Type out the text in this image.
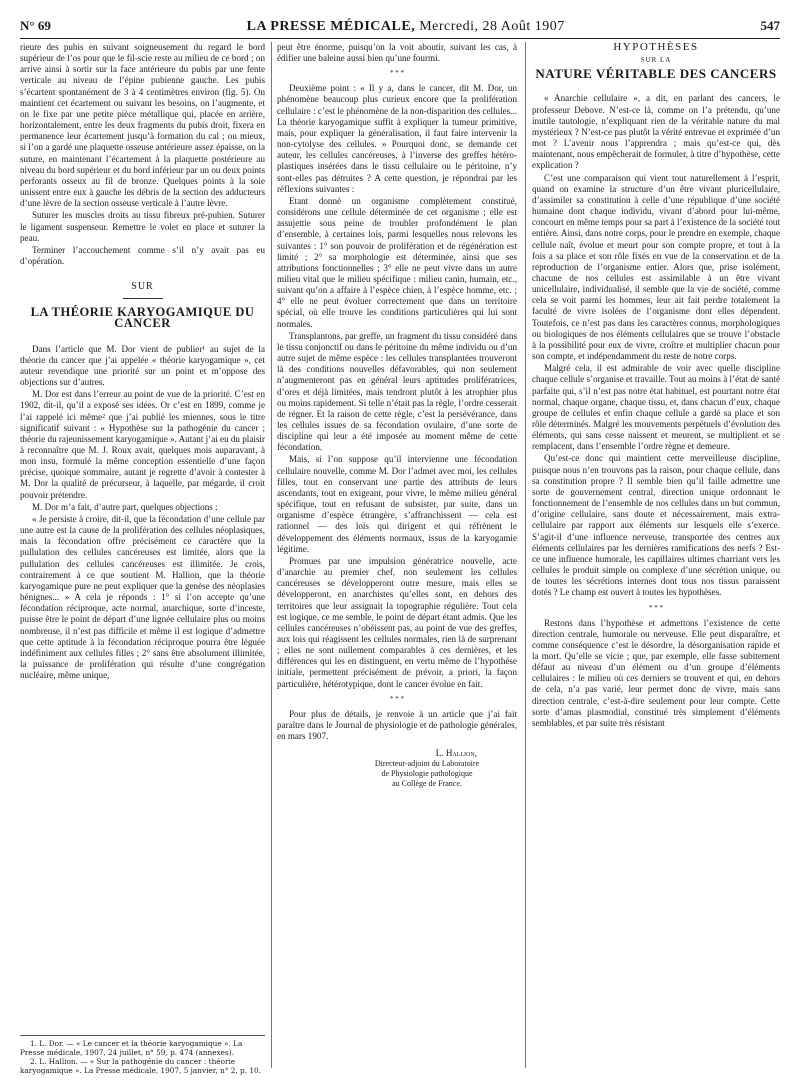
N° 69	LA PRESSE MÉDICALE, Mercredi, 28 Août 1907	547

rieure des pubis en suivant soigneusement du regard le bord supérieur de l’os pour que le fil-scie reste au milieu de ce bord ; on arrive ainsi à sortir sur la face antérieure du pubis par une fente verticale au niveau de l’épine pubienne gauche. Les pubis s’écartent spontanément de 3 à 4 centimètres environ (fig. 5). On maintient cet écartement ou suivant les besoins, on l’augmente, et on le fixe par une petite pièce métallique qui, placée en arrière, horizontalement, entre les deux fragments du pubis droit, fixera en permanence leur écartement jusqu’à formation du cal ; ou mieux, si l’on a gardé une plaquette osseuse antérieure assez épaisse, on la suture, en maintenant l’écartement à la plaquette postérieure au niveau du bord supérieur et du bord inférieur par un ou deux points perforants osseux au fil de bronze. Quelques points à la soie unissent entre eux à gauche les débris de la section des adducteurs d’une lèvre de la section osseuse verticale à l’autre lèvre.

Suturer les muscles droits au tissu fibreux pré-pubien. Suturer le ligament suspenseur. Remettre le volet en place et suturer la peau.

Terminer l’accouchement comme s’il n’y avait pas eu d’opération.

SUR
LA THÉORIE KARYOGAMIQUE DU CANCER

Dans l’article que M. Dor vient de publier¹ au sujet de la théorie du cancer que j’ai appelée « théorie karyogamique », cet auteur revendique une priorité sur un point et m’oppose des objections sur d’autres.

M. Dor est dans l’erreur au point de vue de la priorité. C’est en 1902, dit-il, qu’il a exposé ses idées. Or c’est en 1899, comme je l’ai rappelé ici même² que j’ai publié les miennes, sous le titre significatif suivant : « Hypothèse sur la pathogénie du cancer ; théorie du rajeunissement karyogamique ». Autant j’ai eu du plaisir à reconnaître que M. J. Roux avait, quelques mois auparavant, à mon insu, formulé la même conception essentielle d’une façon précise, quoique sommaire, autant je regrette d’avoir à contester à M. Dor la qualité de précurseur, à laquelle, par mégarde, il croit pouvoir prétendre.

M. Dor m’a fait, d’autre part, quelques objections :

« Je persiste à croire, dit-il, que la fécondation d’une cellule par une autre est la cause de la prolifération des cellules néoplasiques, mais la fécondation offre précisément ce caractère que la pullulation des cellules cancéreuses est limitée, alors que la pullulation des cellules cancéreuses est illimitée. Je crois, contrairement à ce que soutient M. Hallion, que la théorie karyogamique pure ne peut expliquer que la genèse des néoplasies bénignes... » A cela je réponds : 1° si l’on accepte qu’une fécondation réciproque, acte normal, anarchique, sorte d’inceste, puisse être le point de départ d’une lignée cellulaire plus ou moins nombreuse, il n’est pas difficile et même il est logique d’admettre que cette aptitude à la fécondation réciproque pourra être léguée indéfiniment aux cellules filles ; 2° sans être absolument illimitée, la puissance de prolifération qui résulte d’une congrégation nucléaire, même unique,

1. L. Dor. — « Le cancer et la théorie karyogamique ». La Presse médicale, 1907, 24 juillet, n° 59, p. 474 (annexes).

2. L. Hallion. — « Sur la pathogénie du cancer : théorie karyogamique ». La Presse médicale, 1907, 5 janvier, n° 2, p. 10.

peut être énorme, puisqu’on la voit aboutir, suivant les cas, à édifier une baleine aussi bien qu’une fourmi.

* * *

Deuxième point : « Il y a, dans le cancer, dit M. Dor, un phénomène beaucoup plus curieux encore que la prolifération cellulaire : c’est le phénomène de la non-disparition des cellules... La théorie karyogamique suffit à expliquer la tumeur primitive, mais, pour expliquer la généralisation, il faut faire intervenir la non-cytolyse des cellules. » Pourquoi donc, se demande cet auteur, les cellules cancéreuses, à l’inverse des greffes hétéro-plastiques insérées dans le tissu cellulaire ou le péritoine, n’y sont-elles pas détruites ? A cette question, je répondrai par les réflexions suivantes :

Etant donné un organisme complètement constitué, considérons une cellule déterminée de cet organisme ; elle est assujettie sous peine de troubler profondément le plan d’ensemble, à certaines lois, parmi lesquelles nous relevons les suivantes : 1° son pouvoir de prolifération et de régénération est limité ; 2° sa morphologie est déterminée, ainsi que ses attributions fonctionnelles ; 3° elle ne peut vivre dans un autre milieu vital que le milieu spécifique : milieu canin, humain, etc., suivant qu’on a affaire à l’espèce chien, à l’espèce homme, etc. ; 4° elle ne peut évoluer correctement que dans un territoire spécial, où elle trouve les conditions particulières qui lui sont normales.

Transplantons, par greffe, un fragment du tissu considéré dans le tissu conjonctif ou dans le péritoine du même individu ou d’un autre sujet de même espèce : les cellules transplantées trouveront là des conditions nouvelles défavorables, qui non seulement n’augmenteront pas en général leurs aptitudes prolifératrices, d’ores et déjà limitées, mais tendront plutôt à les atrophier plus ou moins rapidement. Si telle n’était pas la règle, l’ordre cesserait de régner. Et la raison de cette règle, c’est la persévérance, dans les cellules issues de sa fécondation ovulaire, d’une sorte de discipline qui leur a été imposée au moment même de cette fécondation.

Mais, si l’on suppose qu’il intervienne une fécondation cellulaire nouvelle, comme M. Dor l’admet avec moi, les cellules filles, tout en conservant une partie des attributs de leurs ascendants, tout en exigeant, pour vivre, le même milieu général spécifique, tout en refusant de subsister, par suite, dans un organisme d’espèce étrangère, s’affranchissent — cela est rationnel — des lois qui dirigent et qui réfrènent le développement des éléments normaux, issus de la karyogamie légitime.

Promues par une impulsion génératrice nouvelle, acte d’anarchie au premier chef, non seulement les cellules cancéreuses se développeront outre mesure, mais elles se développeront, en anarchistes qu’elles sont, en dehors des territoires que leur assignait la topographie régulière. Tout cela est logique, ce me semble, le point de départ étant admis. Que les cellules cancéreuses n’obéissent pas, au point de vue des greffes, aux lois qui réagissent les cellules normales, rien là de surprenant ; elles ne sont nullement comparables à ces dernières, et les différences qui les en distinguent, en vertu même de l’hypothèse initiale, permettent précisément de prévoir, a priori, la façon particulière, hétérotypique, dont le cancer évolue en fait.

* * *

Pour plus de détails, je renvoie à un article que j’ai fait paraître dans le Journal de physiologie et de pathologie générales, en mars 1907.

L. Hallion,
Directeur-adjoint du Laboratoire
de Physiologie pathologique
au Collège de France.
HYPOTHÈSES
SUR LA
NATURE VÉRITABLE DES CANCERS

« Anarchie cellulaire », a dit, en parlant des cancers, le professeur Debove. N’est-ce là, comme on l’a prétendu, qu’une inutile tautologie, n’expliquant rien de la véritable nature du mal mystérieux ? N’est-ce pas plutôt la vérité entrevue et exprimée d’un mot ? L’avenir nous l’apprendra ; mais qu’est-ce qui, dès maintenant, nous empêcherait de formuler, à titre d’hypothèse, cette explication ?

C’est une comparaison qui vient tout naturellement à l’esprit, quand on examine la structure d’un être vivant pluricellulaire, d’assimiler sa constitution à celle d’une république d’une société humaine dont chaque individu, vivant d’abord pour lui-même, concourt en même temps pour sa part à l’existence de la société tout entière. Ainsi, dans notre corps, pour le prendre en exemple, chaque cellule naît, évolue et meurt pour son compte propre, et tout à la fois a sa place et son rôle fixés en vue de la conservation et de la reproduction de l’organisme entier. Alors que, prise isolément, chacune de nos cellules est assimilable à un être vivant unicellulaire, individualisé, il semble que la vie de société, comme cela se voit parmi les hommes, leur ait fait perdre totalement la faculté de vivre isolées de l’organisme dont elles dépendent. Toutefois, ce n’est pas dans les caractères connus, morphologiques ou biologiques de nos éléments cellulaires que se trouve l’obstacle à la possibilité pour eux de vivre, croître et multiplier chacun pour son compte, et indépendamment du reste de notre corps.

Malgré cela, il est admirable de voir avec quelle discipline chaque cellule s’organise et travaille. Tout au moins à l’état de santé parfaite qui, s’il n’est pas notre état habituel, est pourtant notre état normal, chaque organe, chaque tissu, et, dans chacun d’eux, chaque groupe de cellules et enfin chaque cellule a gardé sa place et son rôle déterminés. Malgré les mouvements perpétuels d’évolution des éléments, qui sans cesse naissent et meurent, se multiplient et se remplacent, dans l’ensemble l’ordre règne et demeure.

Qu’est-ce donc qui maintient cette merveilleuse discipline, puisque nous n’en trouvons pas la raison, pour chaque cellule, dans sa constitution propre ? Il semble bien qu’il faille admettre une sorte de gouvernement central, direction unique ordonnant le fonctionnement de l’ensemble de nos cellules dans un but commun, d’origine cellulaire, sans doute et nécessairement, mais extra-cellulaire par rapport aux éléments sur lesquels elle s’exerce. S’agit-il d’une influence nerveuse, transportée des centres aux éléments cellulaires par les dernières ramifications des nerfs ? Est-ce une influence humorale, les capillaires ultimes charriant vers les cellules le produit simple ou complexe d’une sécrétion unique, ou de toutes les sécrétions internes dont tous nos tissus paraissent dotés ? Le champ est ouvert à toutes les hypothèses.

* * *

Restons dans l’hypothèse et admettons l’existence de cette direction centrale, humorale ou nerveuse. Elle peut disparaître, et comme conséquence c’est le désordre, la désorganisation rapide et la mort. Qu’elle se vicie ; que, par exemple, elle fasse subitement défaut au niveau d’un élément ou d’un groupe d’éléments cellulaires : le milieu où ces derniers se trouvent et qui, en dehors de cela, n’a pas varié, leur permet donc de vivre, mais sans direction centrale, c’est-à-dire seulement pour leur compte. Cette sorte d’amas plasmodial, constitué très simplement d’éléments semblables, et par suite très résistant
